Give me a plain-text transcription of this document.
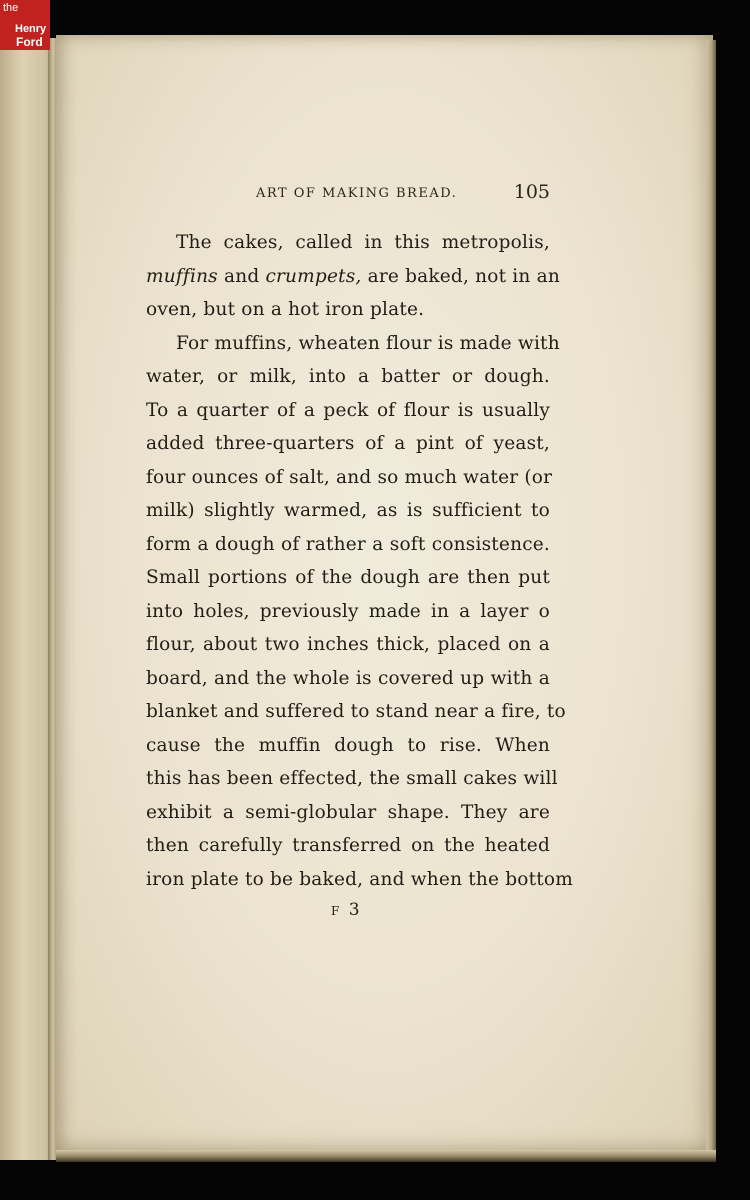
the
Henry
Ford
ART OF MAKING BREAD.	105
The cakes, called in this metropolis,
muffins and crumpets, are baked, not in an
oven, but on a hot iron plate.
For muffins, wheaten flour is made with
water, or milk, into a batter or dough.
To a quarter of a peck of flour is usually
added three-quarters of a pint of yeast,
four ounces of salt, and so much water (or
milk) slightly warmed, as is sufficient to
form a dough of rather a soft consistence.
Small portions of the dough are then put
into holes, previously made in a layer o
flour, about two inches thick, placed on a
board, and the whole is covered up with a
blanket and suffered to stand near a fire, to
cause the muffin dough to rise. When
this has been effected, the small cakes will
exhibit a semi-globular shape. They are
then carefully transferred on the heated
iron plate to be baked, and when the bottom
F 3
